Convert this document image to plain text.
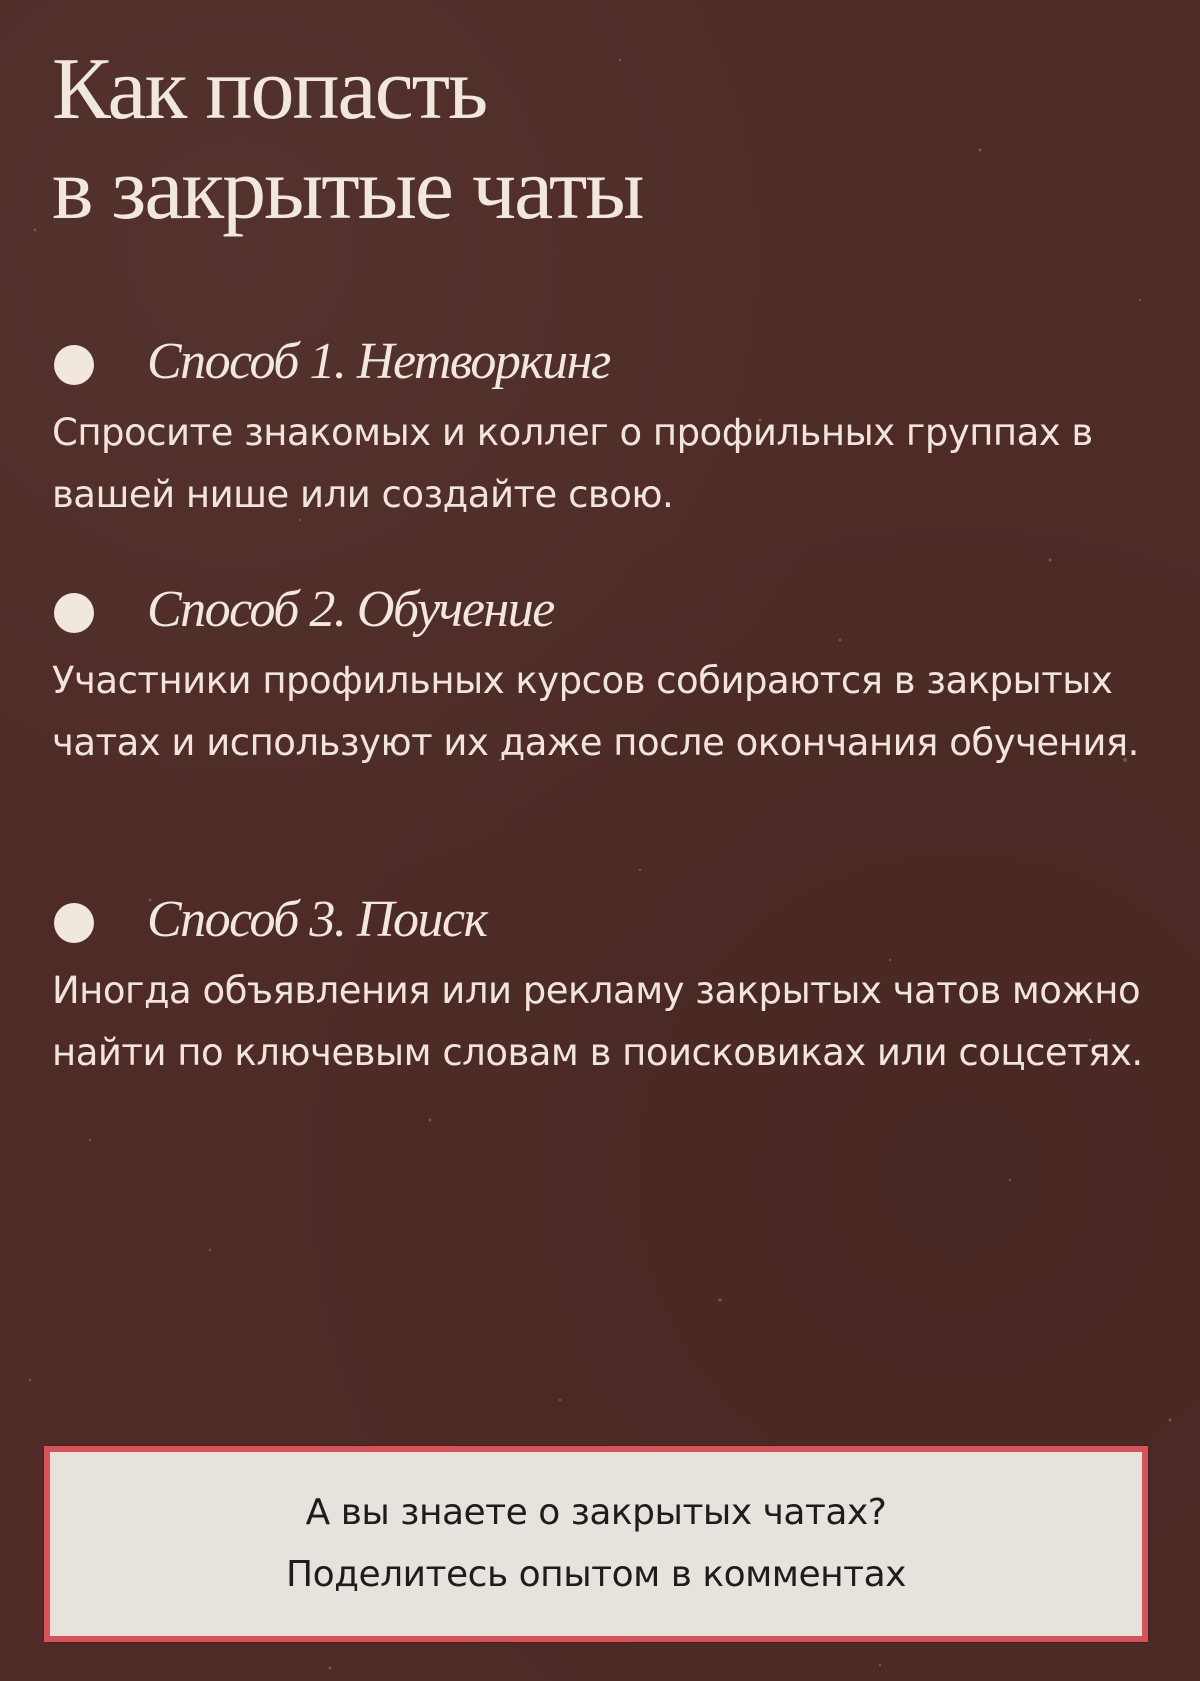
Как попасть
в закрытые чаты
Способ 1. Нетворкинг

Спросите знакомых и коллег о профильных группах в вашей нише или создайте свою.

Способ 2. Обучение

Участники профильных курсов собираются в закрытых чатах и используют их даже после окончания обучения.

Способ 3. Поиск

Иногда объявления или рекламу закрытых чатов можно найти по ключевым словам в поисковиках или соцсетях.

А вы знаете о закрытых чатах?
Поделитесь опытом в комментах
